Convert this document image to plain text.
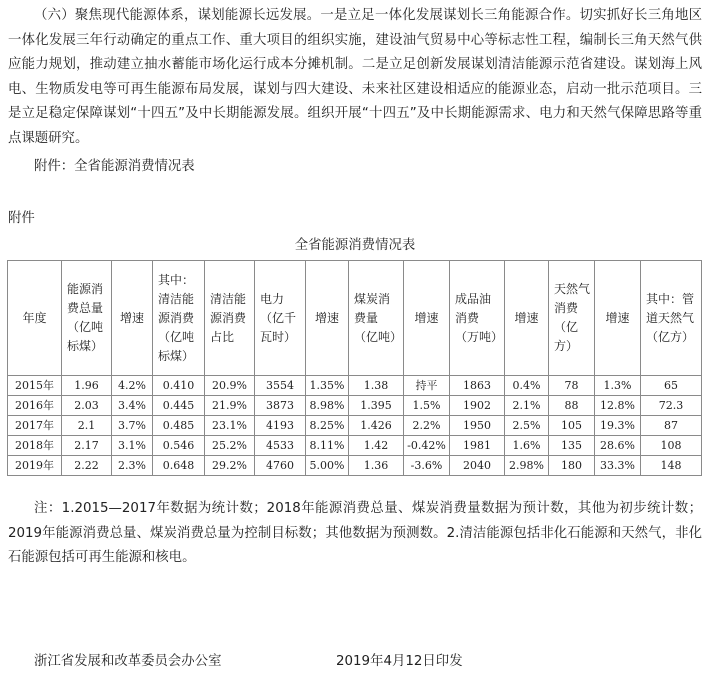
（六）聚焦现代能源体系，谋划能源长远发展。一是立足一体化发展谋划长三角能源合作。切实抓好长三角地区一体化发展三年行动确定的重点工作、重大项目的组织实施，建设油气贸易中心等标志性工程，编制长三角天然气供应能力规划，推动建立抽水蓄能市场化运行成本分摊机制。二是立足创新发展谋划清洁能源示范省建设。谋划海上风电、生物质发电等可再生能源布局发展，谋划与四大建设、未来社区建设相适应的能源业态，启动一批示范项目。三是立足稳定保障谋划“十四五”及中长期能源发展。组织开展“十四五”及中长期能源需求、电力和天然气保障思路等重点课题研究。

附件：全省能源消费情况表
附件
全省能源消费情况表
年度	能源消费总量（亿吨标煤）	增速	其中：清洁能源消费（亿吨标煤）	清洁能源消费占比	电力（亿千瓦时）	增速	煤炭消费量（亿吨）	增速	成品油消费（万吨）	增速	天然气消费（亿方）	增速	其中：管道天然气（亿方）
2015年	1.96	4.2%	0.410	20.9%	3554	1.35%	1.38	持平	1863	0.4%	78	1.3%	65
2016年	2.03	3.4%	0.445	21.9%	3873	8.98%	1.395	1.5%	1902	2.1%	88	12.8%	72.3
2017年	2.1	3.7%	0.485	23.1%	4193	8.25%	1.426	2.2%	1950	2.5%	105	19.3%	87
2018年	2.17	3.1%	0.546	25.2%	4533	8.11%	1.42	-0.42%	1981	1.6%	135	28.6%	108
2019年	2.22	2.3%	0.648	29.2%	4760	5.00%	1.36	-3.6%	2040	2.98%	180	33.3%	148

注：1.2015—2017年数据为统计数；2018年能源消费总量、煤炭消费量数据为预计数，其他为初步统计数；2019年能源消费总量、煤炭消费总量为控制目标数；其他数据为预测数。2.清洁能源包括非化石能源和天然气，非化石能源包括可再生能源和核电。

浙江省发展和改革委员会办公室	2019年4月12日印发
